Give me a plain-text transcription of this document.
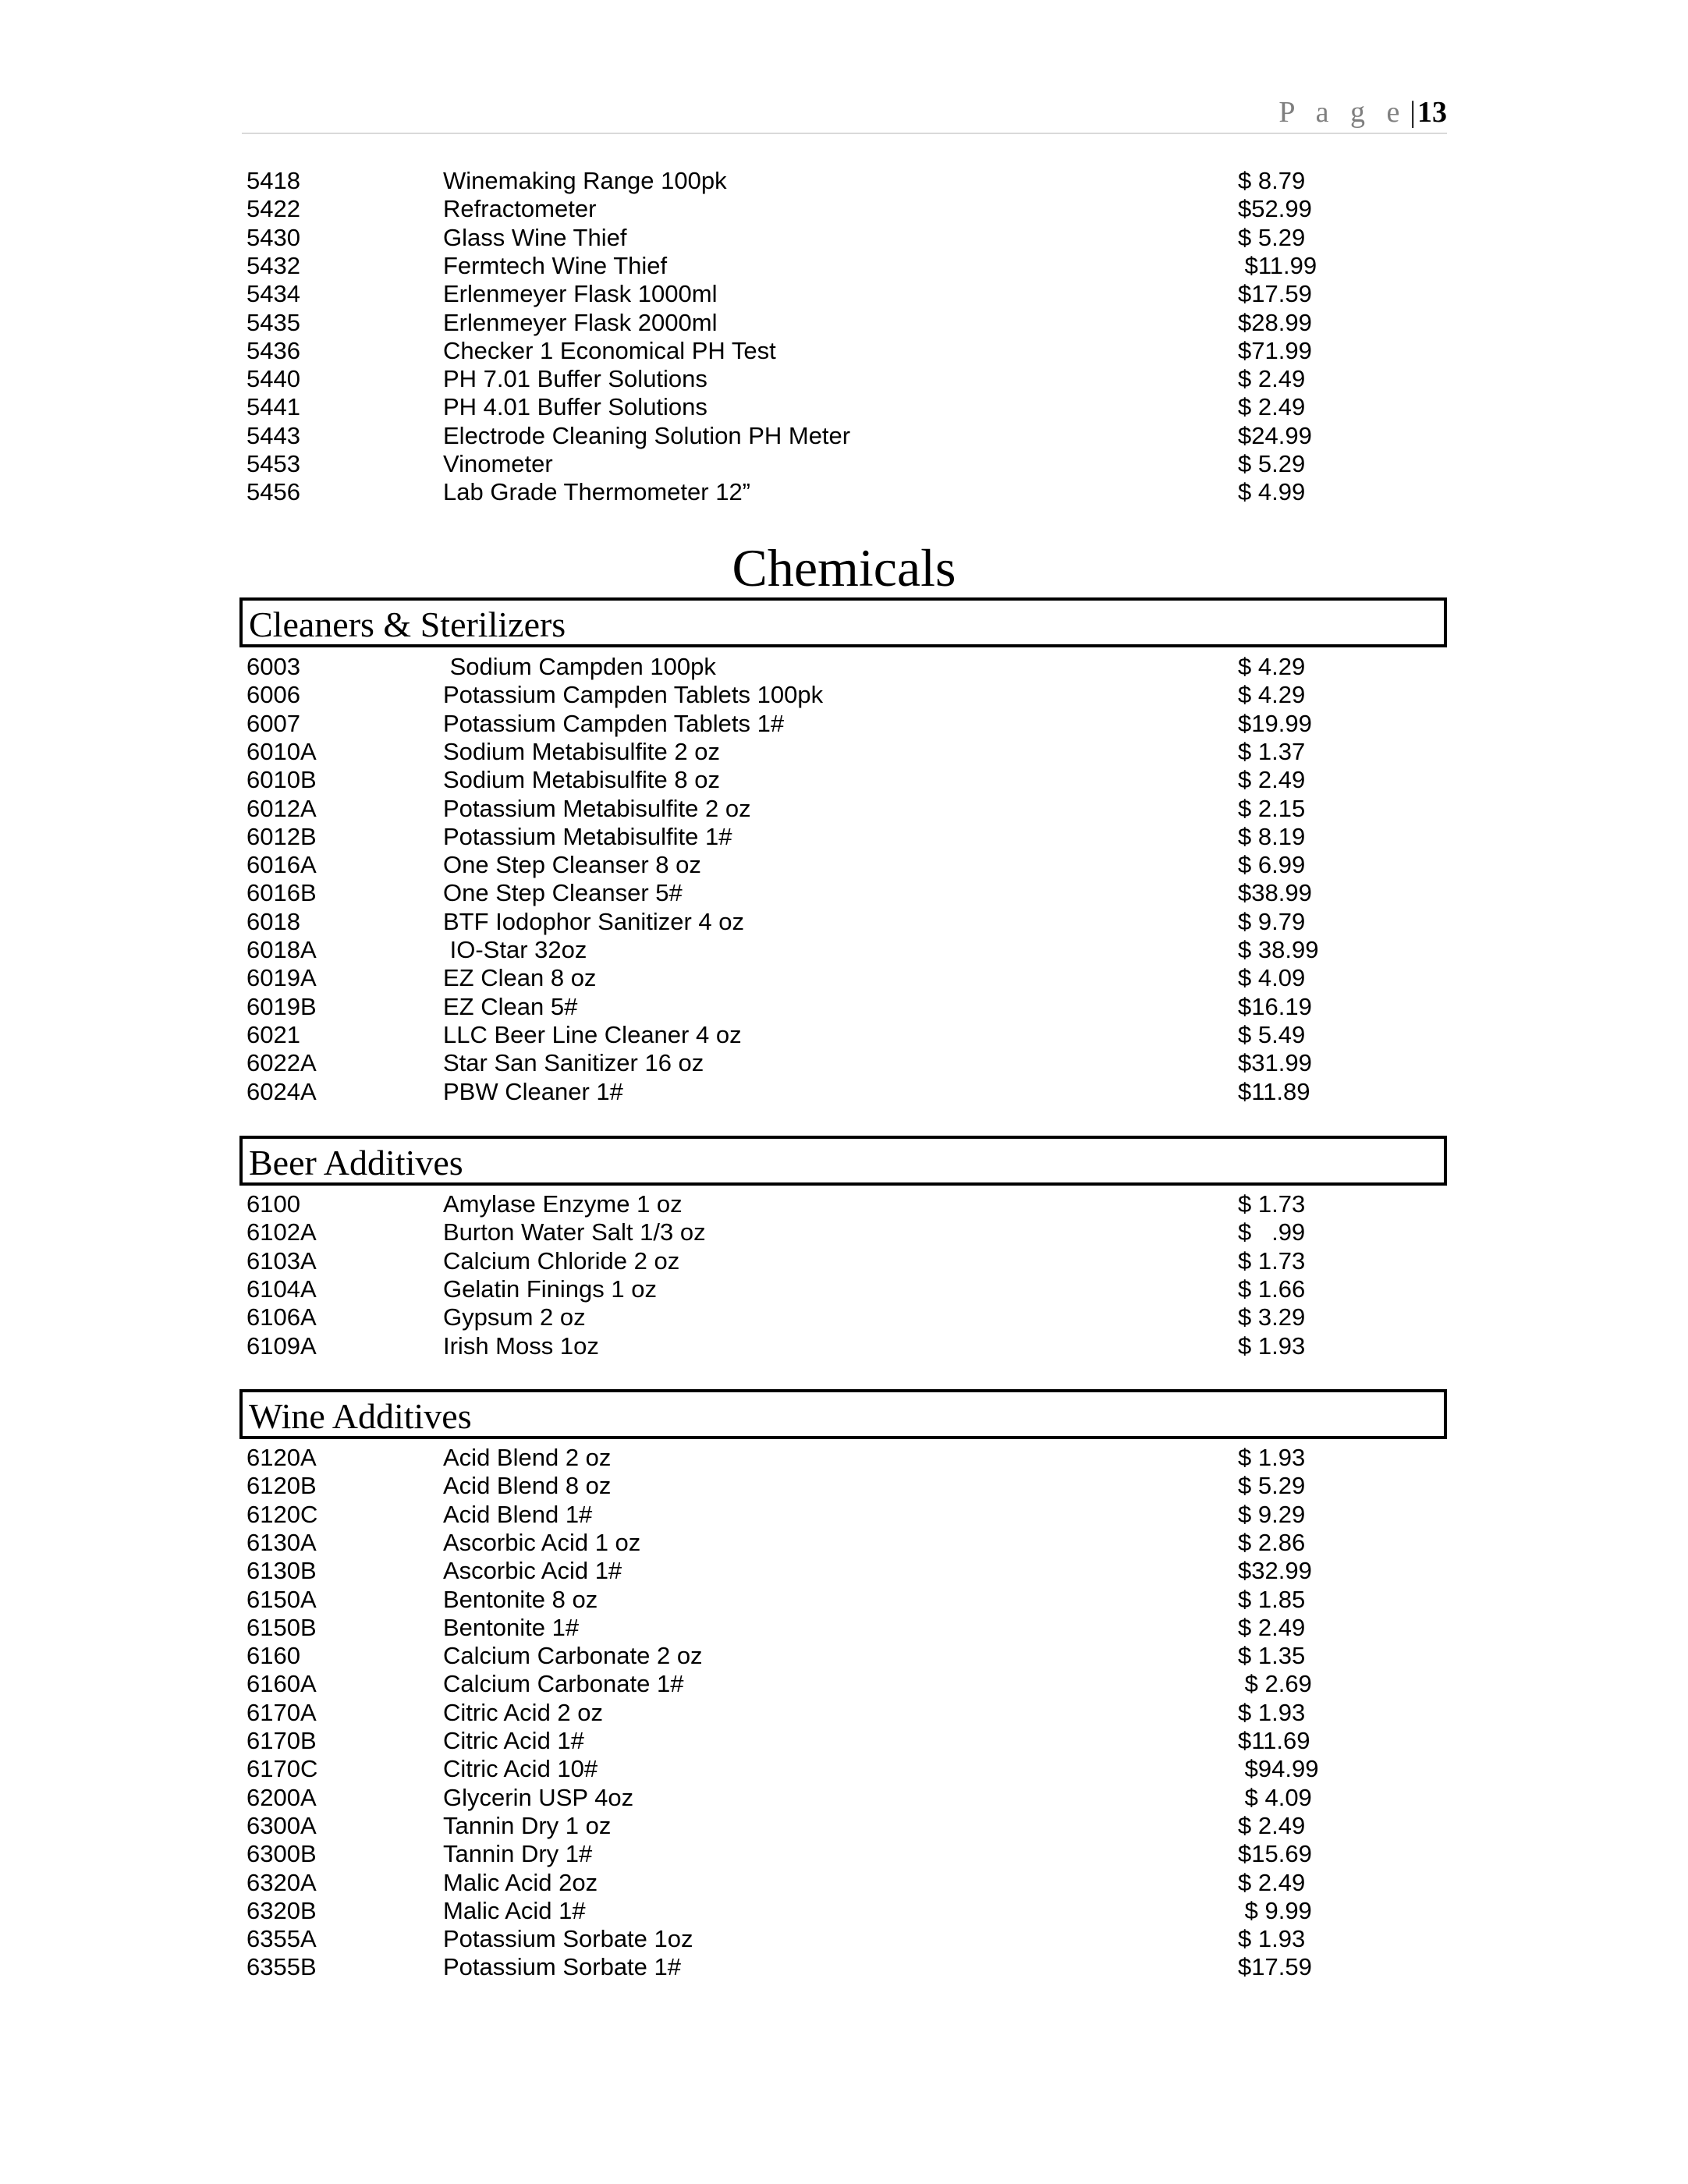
P a g e |13
5418	Winemaking Range 100pk	$ 8.79
5422	Refractometer	$52.99
5430	Glass Wine Thief	$ 5.29
5432	Fermtech Wine Thief	$11.99
5434	Erlenmeyer Flask 1000ml	$17.59
5435	Erlenmeyer Flask 2000ml	$28.99
5436	Checker 1 Economical PH Test	$71.99
5440	PH 7.01 Buffer Solutions	$ 2.49
5441	PH 4.01 Buffer Solutions	$ 2.49
5443	Electrode Cleaning Solution PH Meter	$24.99
5453	Vinometer	$ 5.29
5456	Lab Grade Thermometer 12”	$ 4.99
Chemicals
Cleaners & Sterilizers
6003	Sodium Campden 100pk	$ 4.29
6006	Potassium Campden Tablets 100pk	$ 4.29
6007	Potassium Campden Tablets 1#	$19.99
6010A	Sodium Metabisulfite 2 oz	$ 1.37
6010B	Sodium Metabisulfite 8 oz	$ 2.49
6012A	Potassium Metabisulfite 2 oz	$ 2.15
6012B	Potassium Metabisulfite 1#	$ 8.19
6016A	One Step Cleanser 8 oz	$ 6.99
6016B	One Step Cleanser 5#	$38.99
6018	BTF Iodophor Sanitizer 4 oz	$ 9.79
6018A	IO-Star 32oz	$ 38.99
6019A	EZ Clean 8 oz	$ 4.09
6019B	EZ Clean 5#	$16.19
6021	LLC Beer Line Cleaner 4 oz	$ 5.49
6022A	Star San Sanitizer 16 oz	$31.99
6024A	PBW Cleaner 1#	$11.89
Beer Additives
6100	Amylase Enzyme 1 oz	$ 1.73
6102A	Burton Water Salt 1/3 oz	$   .99
6103A	Calcium Chloride 2 oz	$ 1.73
6104A	Gelatin Finings 1 oz	$ 1.66
6106A	Gypsum 2 oz	$ 3.29
6109A	Irish Moss 1oz	$ 1.93
Wine Additives
6120A	Acid Blend 2 oz	$ 1.93
6120B	Acid Blend 8 oz	$ 5.29
6120C	Acid Blend 1#	$ 9.29
6130A	Ascorbic Acid 1 oz	$ 2.86
6130B	Ascorbic Acid 1#	$32.99
6150A	Bentonite 8 oz	$ 1.85
6150B	Bentonite 1#	$ 2.49
6160	Calcium Carbonate 2 oz	$ 1.35
6160A	Calcium Carbonate 1#	$ 2.69
6170A	Citric Acid 2 oz	$ 1.93
6170B	Citric Acid 1#	$11.69
6170C	Citric Acid 10#	$94.99
6200A	Glycerin USP 4oz	$ 4.09
6300A	Tannin Dry 1 oz	$ 2.49
6300B	Tannin Dry 1#	$15.69
6320A	Malic Acid 2oz	$ 2.49
6320B	Malic Acid 1#	$ 9.99
6355A	Potassium Sorbate 1oz	$ 1.93
6355B	Potassium Sorbate 1#	$17.59
